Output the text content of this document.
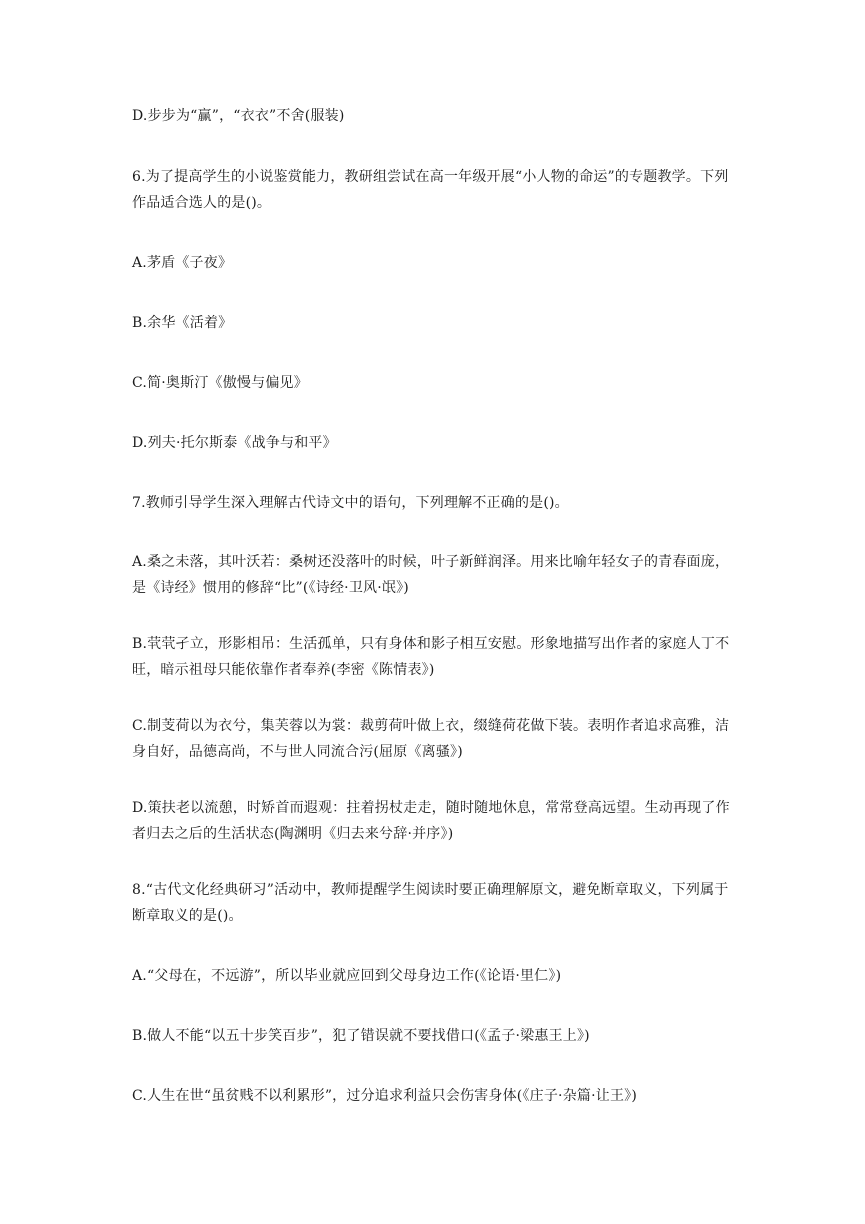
D.步步为“赢”，“衣衣”不舍(服装)
6.为了提高学生的小说鉴赏能力，教研组尝试在高一年级开展“小人物的命运”的专题教学。下列作品适合选人的是()。
A.茅盾《子夜》
B.余华《活着》
C.简·奥斯汀《傲慢与偏见》
D.列夫·托尔斯泰《战争与和平》
7.教师引导学生深入理解古代诗文中的语句，下列理解不正确的是()。
A.桑之未落，其叶沃若：桑树还没落叶的时候，叶子新鲜润泽。用来比喻年轻女子的青春面庞，是《诗经》惯用的修辞“比”(《诗经·卫风·氓》)
B.茕茕孑立，形影相吊：生活孤单，只有身体和影子相互安慰。形象地描写出作者的家庭人丁不旺，暗示祖母只能依靠作者奉养(李密《陈情表》)
C.制芰荷以为衣兮，集芙蓉以为裳：裁剪荷叶做上衣，缀缝荷花做下装。表明作者追求高雅，洁身自好，品德高尚，不与世人同流合污(屈原《离骚》)
D.策扶老以流憩，时矫首而遐观：拄着拐杖走走，随时随地休息，常常登高远望。生动再现了作者归去之后的生活状态(陶渊明《归去来兮辞·并序》)
8.“古代文化经典研习”活动中，教师提醒学生阅读时要正确理解原文，避免断章取义，下列属于断章取义的是()。
A.“父母在，不远游”，所以毕业就应回到父母身边工作(《论语·里仁》)
B.做人不能“以五十步笑百步”，犯了错误就不要找借口(《孟子·梁惠王上》)
C.人生在世“虽贫贱不以利累形”，过分追求利益只会伤害身体(《庄子·杂篇·让王》)
